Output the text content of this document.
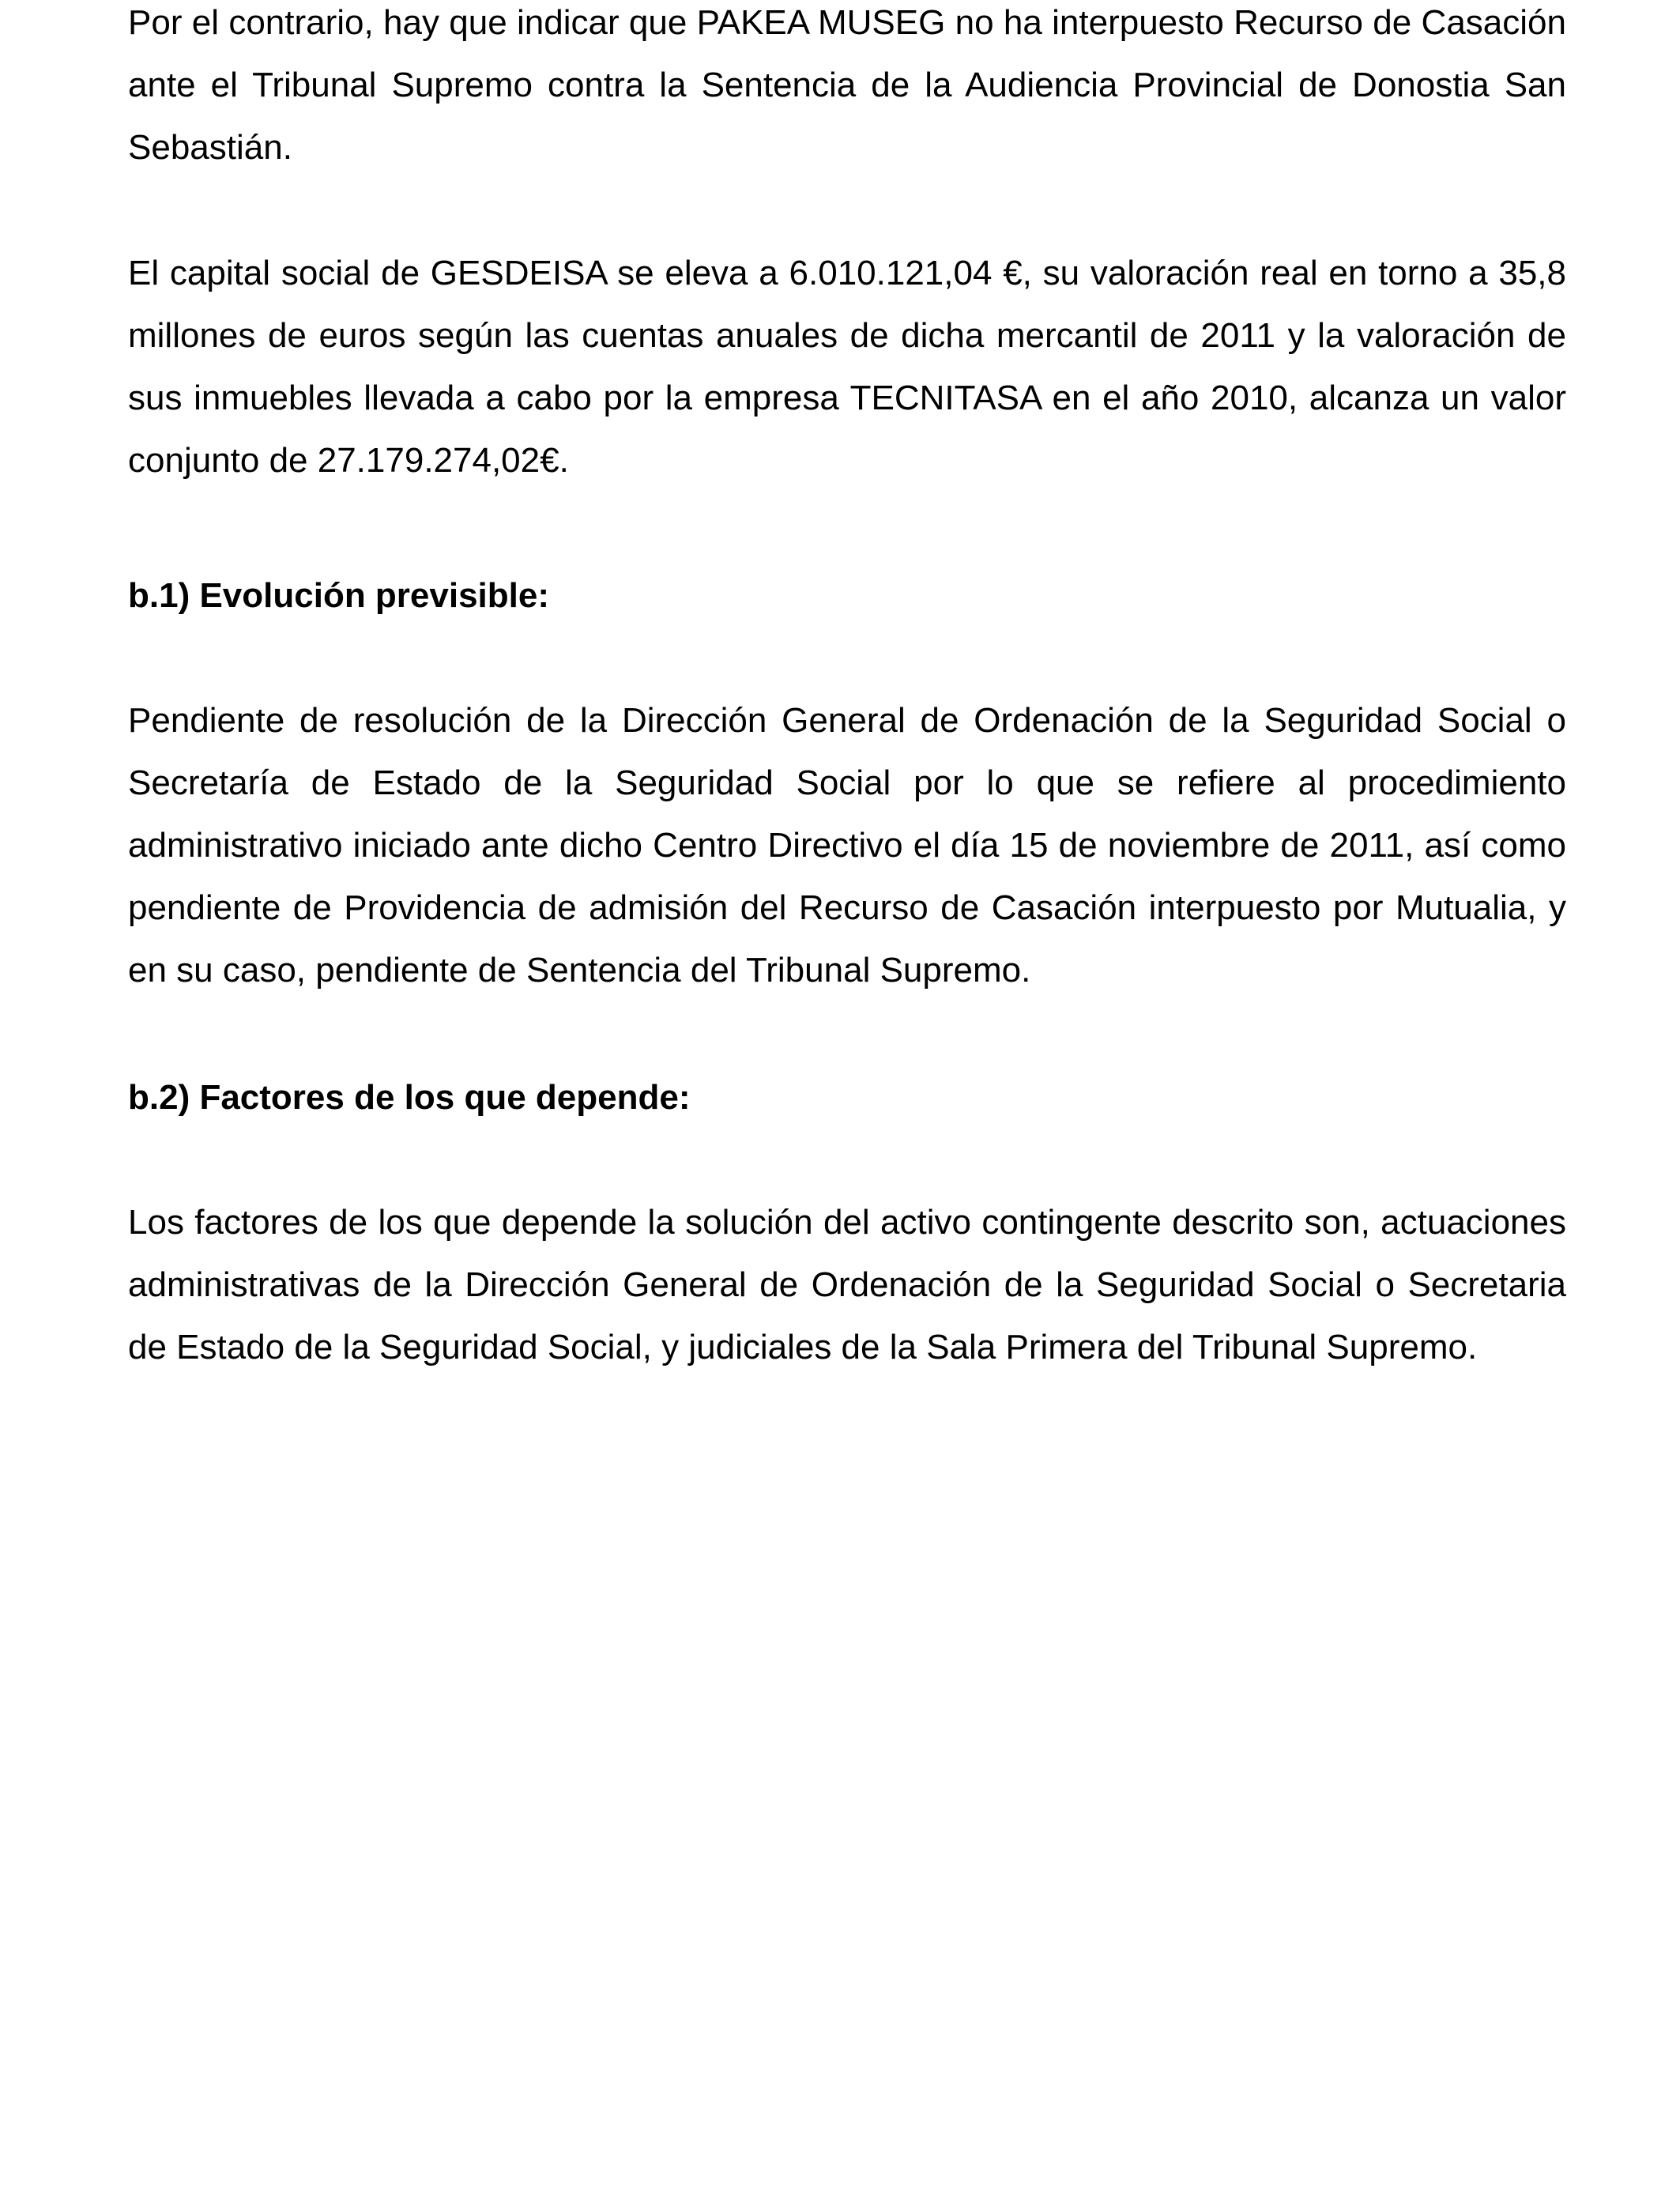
Por el contrario, hay que indicar que PAKEA MUSEG no ha interpuesto Recurso de Casación ante el Tribunal Supremo contra la Sentencia de la Audiencia Provincial de Donostia San Sebastián.

El capital social de GESDEISA se eleva a 6.010.121,04 €, su valoración real en torno a 35,8 millones de euros según las cuentas anuales de dicha mercantil de 2011 y la valoración de sus inmuebles llevada a cabo por la empresa TECNITASA en el año 2010, alcanza un valor conjunto de 27.179.274,02€.

b.1) Evolución previsible:

Pendiente de resolución de la Dirección General de Ordenación de la Seguridad Social o Secretaría de Estado de la Seguridad Social por lo que se refiere al procedimiento administrativo iniciado ante dicho Centro Directivo el día 15 de noviembre de 2011, así como pendiente de Providencia de admisión del Recurso de Casación interpuesto por Mutualia, y en su caso, pendiente de Sentencia del Tribunal Supremo.

b.2) Factores de los que depende:

Los factores de los que depende la solución del activo contingente descrito son, actuaciones administrativas de la Dirección General de Ordenación de la Seguridad Social o Secretaria de Estado de la Seguridad Social, y judiciales de la Sala Primera del Tribunal Supremo.
